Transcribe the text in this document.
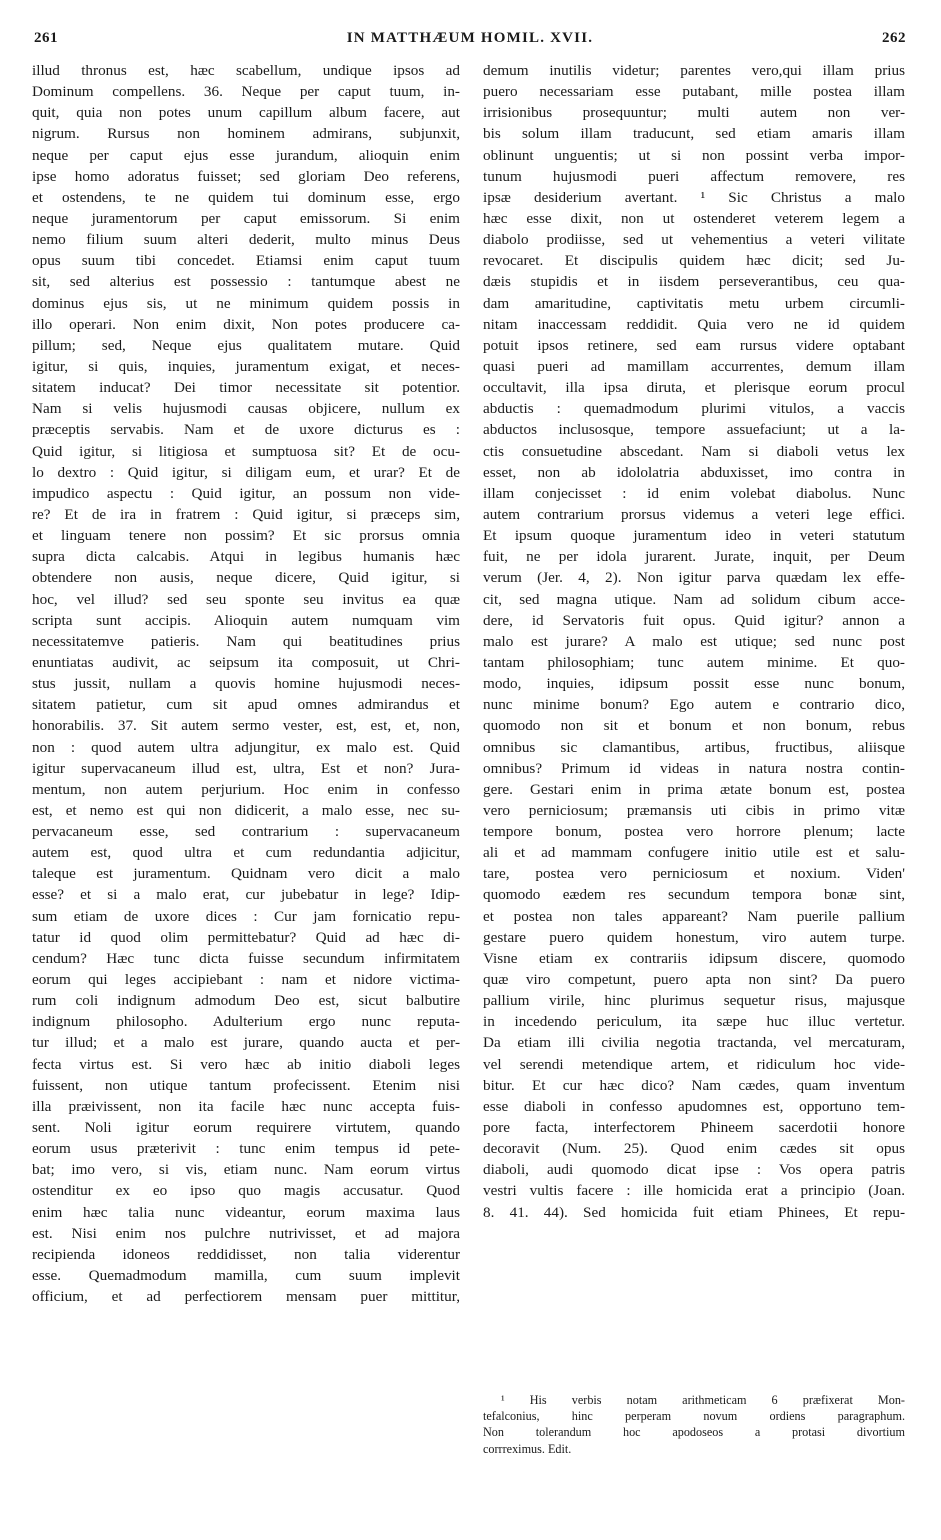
IN MATTHÆUM HOMIL. XVII.
261	262
illud thronus est, hæc scabellum, undique ipsos ad
Dominum compellens. 36. Neque per caput tuum, in-
quit, quia non potes unum capillum album facere, aut
nigrum. Rursus non hominem admirans, subjunxit,
neque per caput ejus esse jurandum, alioquin enim
ipse homo adoratus fuisset; sed gloriam Deo referens,
et ostendens, te ne quidem tui dominum esse, ergo
neque juramentorum per caput emissorum. Si enim
nemo filium suum alteri dederit, multo minus Deus
opus suum tibi concedet. Etiamsi enim caput tuum
sit, sed alterius est possessio : tantumque abest ne
dominus ejus sis, ut ne minimum quidem possis in
illo operari. Non enim dixit, Non potes producere ca-
pillum; sed, Neque ejus qualitatem mutare. Quid
igitur, si quis, inquies, juramentum exigat, et neces-
sitatem inducat? Dei timor necessitate sit potentior.
Nam si velis hujusmodi causas objicere, nullum ex
præceptis servabis. Nam et de uxore dicturus es :
Quid igitur, si litigiosa et sumptuosa sit? Et de ocu-
lo dextro : Quid igitur, si diligam eum, et urar? Et de
impudico aspectu : Quid igitur, an possum non vide-
re? Et de ira in fratrem : Quid igitur, si præceps sim,
et linguam tenere non possim? Et sic prorsus omnia
supra dicta calcabis. Atqui in legibus humanis hæc
obtendere non ausis, neque dicere, Quid igitur, si
hoc, vel illud? sed seu sponte seu invitus ea quæ
scripta sunt accipis. Alioquin autem numquam vim
necessitatemve patieris. Nam qui beatitudines prius
enuntiatas audivit, ac seipsum ita composuit, ut Chri-
stus jussit, nullam a quovis homine hujusmodi neces-
sitatem patietur, cum sit apud omnes admirandus et
honorabilis. 37. Sit autem sermo vester, est, est, et, non,
non : quod autem ultra adjungitur, ex malo est. Quid
igitur supervacaneum illud est, ultra, Est et non? Jura-
mentum, non autem perjurium. Hoc enim in confesso
est, et nemo est qui non didicerit, a malo esse, nec su-
pervacaneum esse, sed contrarium : supervacaneum
autem est, quod ultra et cum redundantia adjicitur,
taleque est juramentum. Quidnam vero dicit a malo
esse? et si a malo erat, cur jubebatur in lege? Idip-
sum etiam de uxore dices : Cur jam fornicatio repu-
tatur id quod olim permittebatur? Quid ad hæc di-
cendum? Hæc tunc dicta fuisse secundum infirmitatem
eorum qui leges accipiebant : nam et nidore victima-
rum coli indignum admodum Deo est, sicut balbutire
indignum philosopho. Adulterium ergo nunc reputa-
tur illud; et a malo est jurare, quando aucta et per-
fecta virtus est. Si vero hæc ab initio diaboli leges
fuissent, non utique tantum profecissent. Etenim nisi
illa præivissent, non ita facile hæc nunc accepta fuis-
sent. Noli igitur eorum requirere virtutem, quando
eorum usus præterivit : tunc enim tempus id pete-
bat; imo vero, si vis, etiam nunc. Nam eorum virtus
ostenditur ex eo ipso quo magis accusatur. Quod
enim hæc talia nunc videantur, eorum maxima laus
est. Nisi enim nos pulchre nutrivisset, et ad majora
recipienda idoneos reddidisset, non talia viderentur
esse. Quemadmodum mamilla, cum suum implevit
officium, et ad perfectiorem mensam puer mittitur,
demum inutilis videtur; parentes vero,qui illam prius
puero necessariam esse putabant, mille postea illam
irrisionibus prosequuntur; multi autem non ver-
bis solum illam traducunt, sed etiam amaris illam
oblinunt unguentis; ut si non possint verba impor-
tunum hujusmodi pueri affectum removere, res
ipsæ desiderium avertant. ¹ Sic Christus a malo
hæc esse dixit, non ut ostenderet veterem legem a
diabolo prodiisse, sed ut vehementius a veteri vilitate
revocaret. Et discipulis quidem hæc dicit; sed Ju-
dæis stupidis et in iisdem perseverantibus, ceu qua-
dam amaritudine, captivitatis metu urbem circumli-
nitam inaccessam reddidit. Quia vero ne id quidem
potuit ipsos retinere, sed eam rursus videre optabant
quasi pueri ad mamillam accurrentes, demum illam
occultavit, illa ipsa diruta, et plerisque eorum procul
abductis : quemadmodum plurimi vitulos, a vaccis
abductos inclusosque, tempore assuefaciunt; ut a la-
ctis consuetudine abscedant. Nam si diaboli vetus lex
esset, non ab idololatria abduxisset, imo contra in
illam conjecisset : id enim volebat diabolus. Nunc
autem contrarium prorsus videmus a veteri lege effici.
Et ipsum quoque juramentum ideo in veteri statutum
fuit, ne per idola jurarent. Jurate, inquit, per Deum
verum (Jer. 4, 2). Non igitur parva quædam lex effe-
cit, sed magna utique. Nam ad solidum cibum acce-
dere, id Servatoris fuit opus. Quid igitur? annon a
malo est jurare? A malo est utique; sed nunc post
tantam philosophiam; tunc autem minime. Et quo-
modo, inquies, idipsum possit esse nunc bonum,
nunc minime bonum? Ego autem e contrario dico,
quomodo non sit et bonum et non bonum, rebus
omnibus sic clamantibus, artibus, fructibus, aliisque
omnibus? Primum id videas in natura nostra contin-
gere. Gestari enim in prima ætate bonum est, postea
vero perniciosum; præmansis uti cibis in primo vitæ
tempore bonum, postea vero horrore plenum; lacte
ali et ad mammam confugere initio utile est et salu-
tare, postea vero perniciosum et noxium. Viden'
quomodo eædem res secundum tempora bonæ sint,
et postea non tales appareant? Nam puerile pallium
gestare puero quidem honestum, viro autem turpe.
Visne etiam ex contrariis idipsum discere, quomodo
quæ viro competunt, puero apta non sint? Da puero
pallium virile, hinc plurimus sequetur risus, majusque
in incedendo periculum, ita sæpe huc illuc vertetur.
Da etiam illi civilia negotia tractanda, vel mercaturam,
vel serendi metendique artem, et ridiculum hoc vide-
bitur. Et cur hæc dico? Nam cædes, quam inventum
esse diaboli in confesso apudomnes est, opportuno tem-
pore facta, interfectorem Phineem sacerdotii honore
decoravit (Num. 25). Quod enim cædes sit opus
diaboli, audi quomodo dicat ipse : Vos opera patris
vestri vultis facere : ille homicida erat a principio (Joan.
8. 41. 44). Sed homicida fuit etiam Phinees, Et repu-
¹ His verbis notam arithmeticam 6 præfixerat Mon-
tefalconius, hinc perperam novum ordiens paragraphum.
Non tolerandum hoc apodoseos a protasi divortium
corrreximus. Edit.
